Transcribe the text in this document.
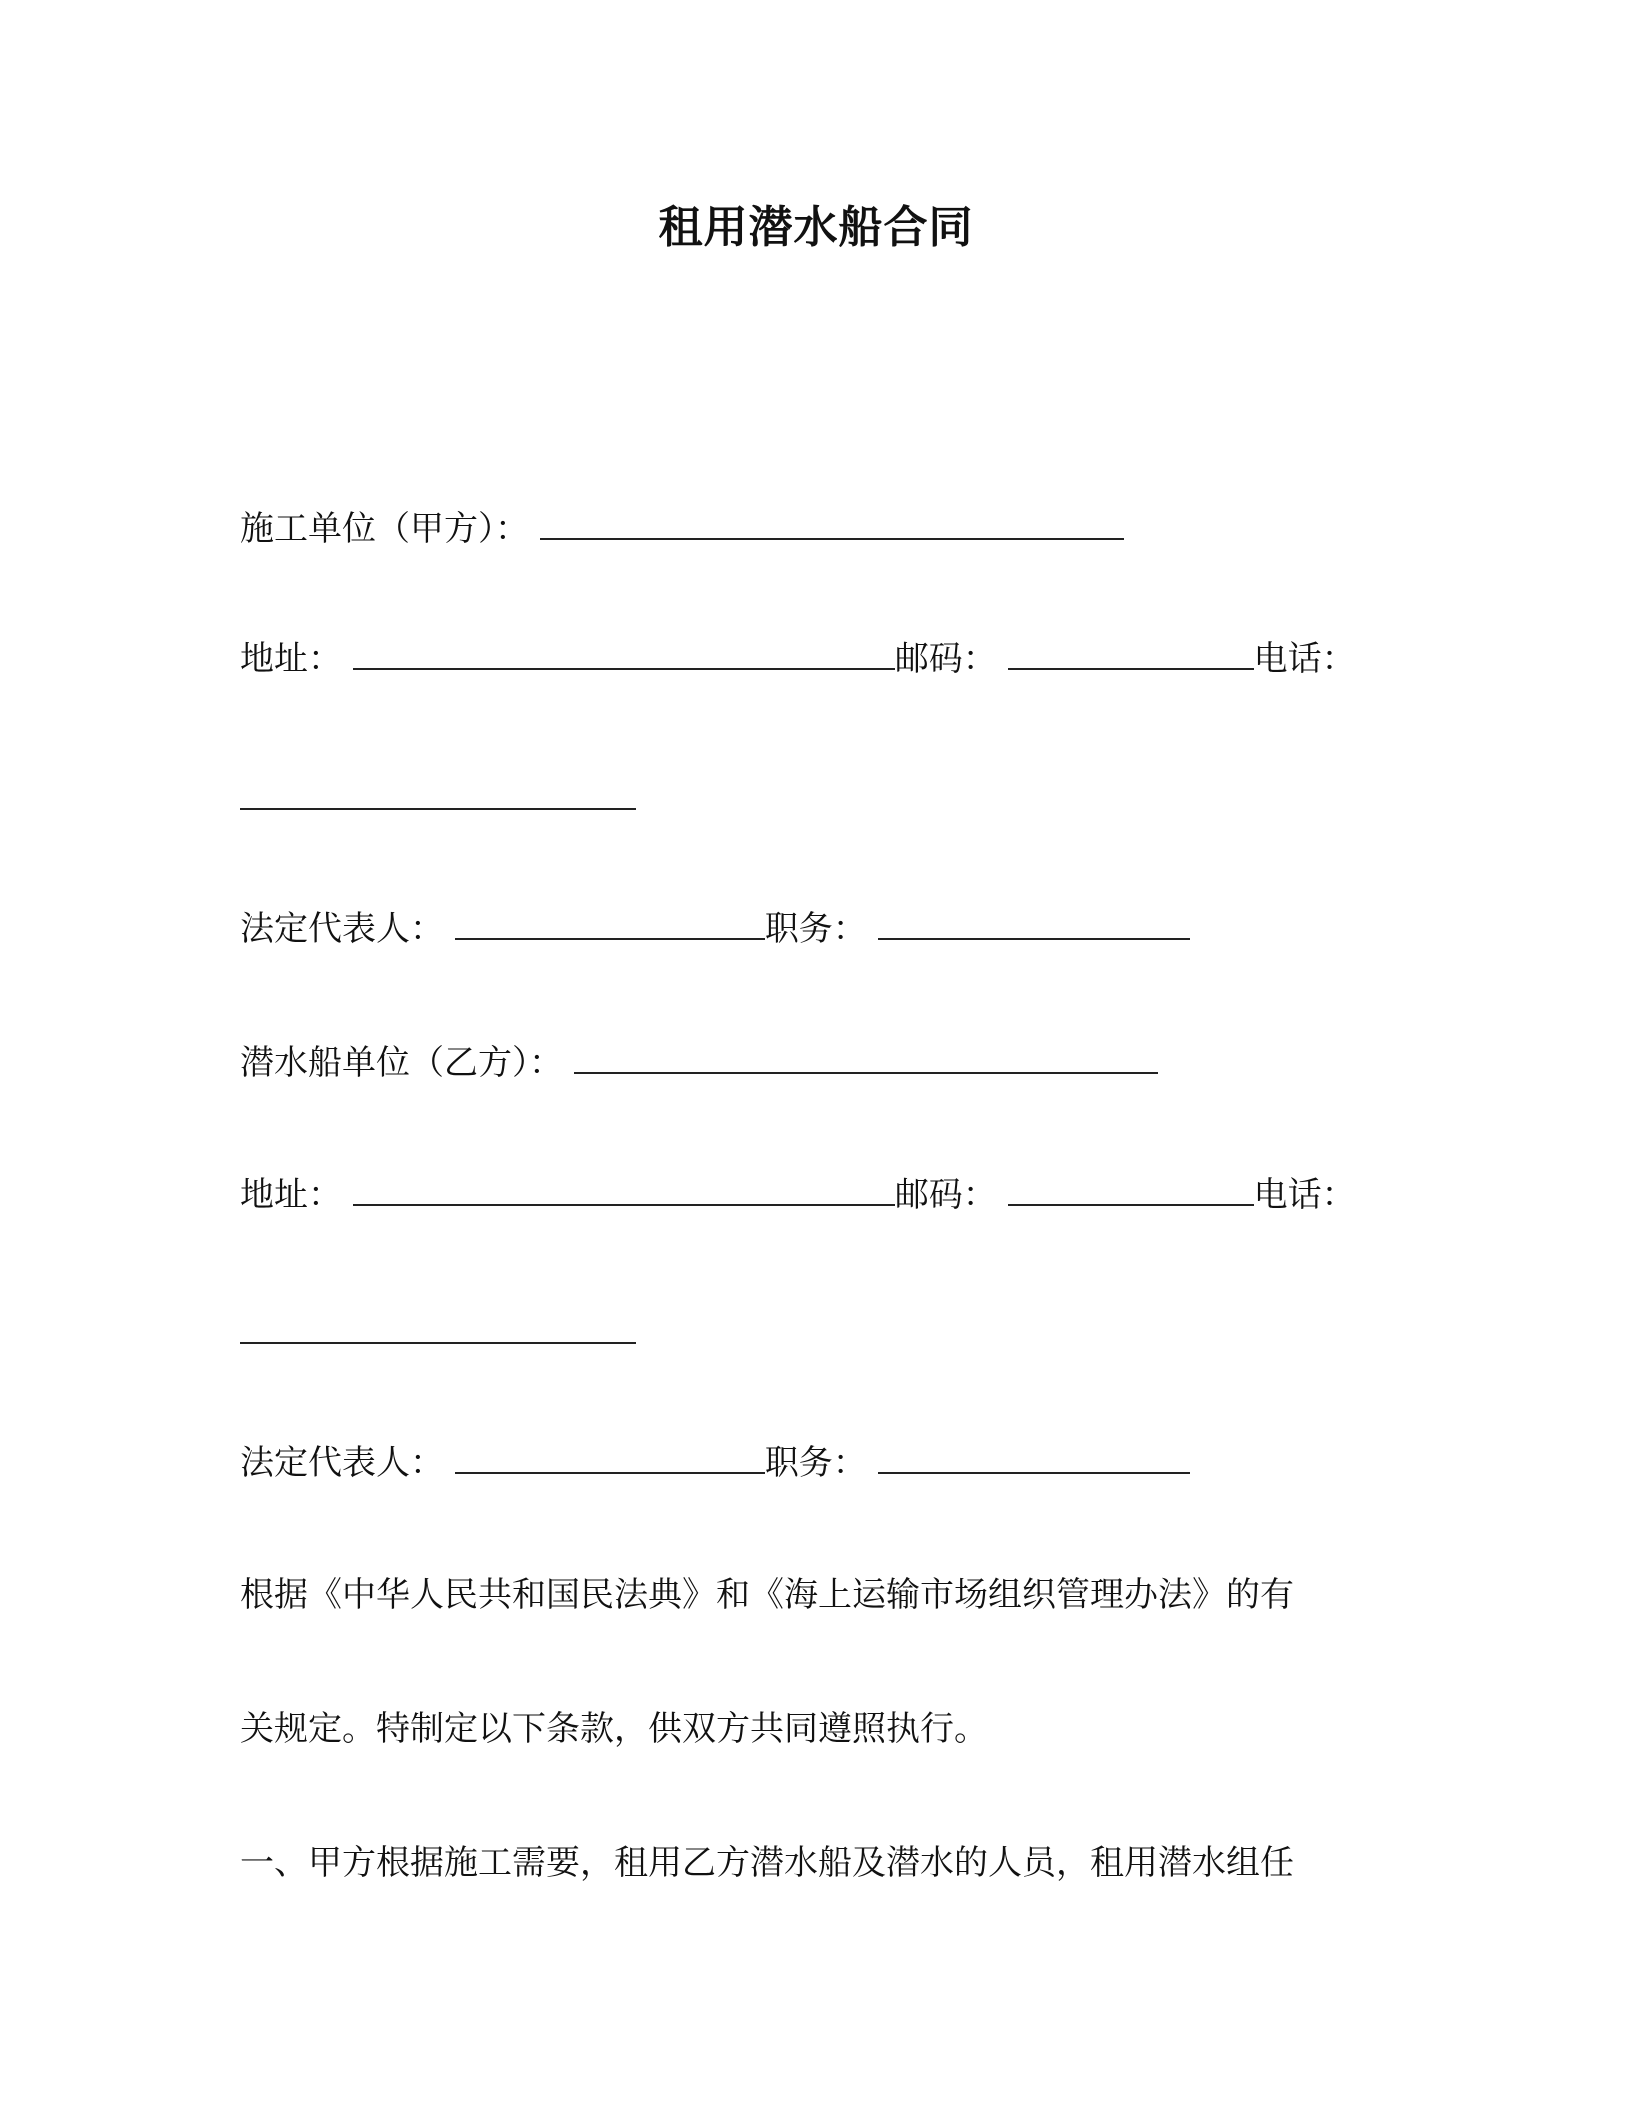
租用潜水船合同
施工单位（甲方）：
地址：	邮码：	电话：
法定代表人：	职务：
潜水船单位（乙方）：
地址：	邮码：	电话：
法定代表人：	职务：
根据《中华人民共和国民法典》和《海上运输市场组织管理办法》的有
关规定。特制定以下条款，供双方共同遵照执行。
一、甲方根据施工需要，租用乙方潜水船及潜水的人员，租用潜水组任
